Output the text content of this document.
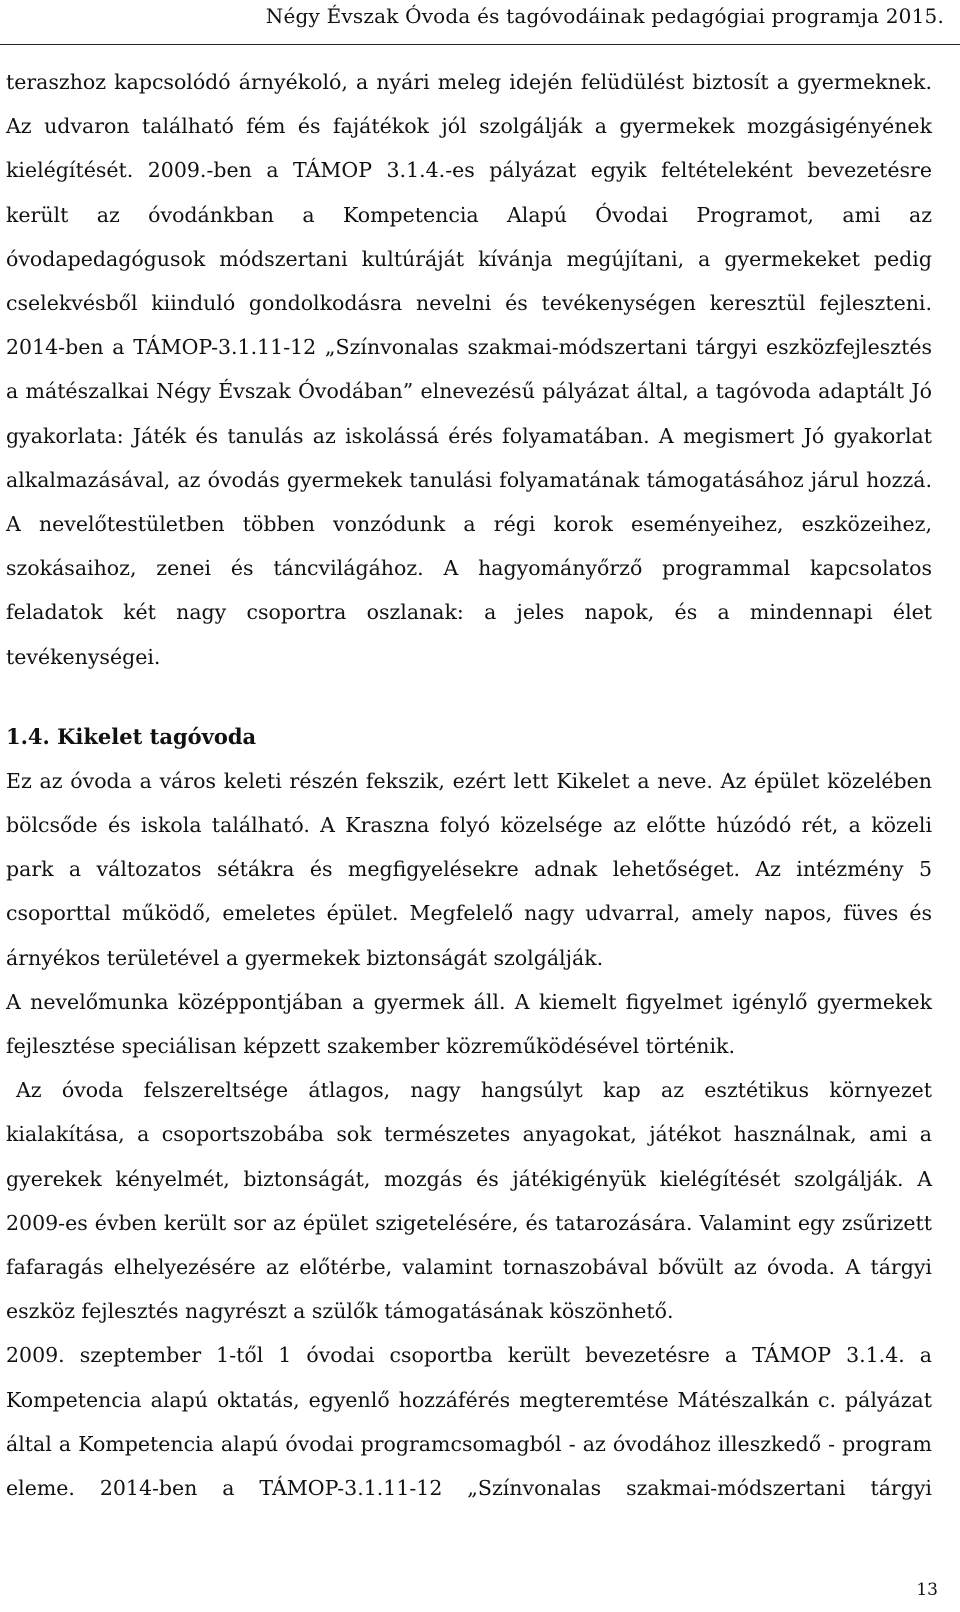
Négy Évszak Óvoda és tagóvodáinak pedagógiai programja 2015.

teraszhoz kapcsolódó árnyékoló, a nyári meleg idején felüdülést biztosít a gyermeknek. Az udvaron található fém és fajátékok jól szolgálják a gyermekek mozgásigényének kielégítését. 2009.-ben a TÁMOP 3.1.4.-es pályázat egyik feltételeként bevezetésre került az óvodánkban a Kompetencia Alapú Óvodai Programot, ami az óvodapedagógusok módszertani kultúráját kívánja megújítani, a gyermekeket pedig cselekvésből kiinduló gondolkodásra nevelni és tevékenységen keresztül fejleszteni. 2014-ben a TÁMOP-3.1.11-12 „Színvonalas szakmai-módszertani tárgyi eszközfejlesztés a mátészalkai Négy Évszak Óvodában” elnevezésű pályázat által, a tagóvoda adaptált Jó gyakorlata: Játék és tanulás az iskolássá érés folyamatában. A megismert Jó gyakorlat alkalmazásával, az óvodás gyermekek tanulási folyamatának támogatásához járul hozzá. A nevelőtestületben többen vonzódunk a régi korok eseményeihez, eszközeihez, szokásaihoz, zenei és táncvilágához. A hagyományőrző programmal kapcsolatos feladatok két nagy csoportra oszlanak: a jeles napok, és a mindennapi élet tevékenységei.

1.4. Kikelet tagóvoda

Ez az óvoda a város keleti részén fekszik, ezért lett Kikelet a neve. Az épület közelében bölcsőde és iskola található. A Kraszna folyó közelsége az előtte húzódó rét, a közeli park a változatos sétákra és megfigyelésekre adnak lehetőséget. Az intézmény 5 csoporttal működő, emeletes épület. Megfelelő nagy udvarral, amely napos, füves és árnyékos területével a gyermekek biztonságát szolgálják.

A nevelőmunka középpontjában a gyermek áll. A kiemelt figyelmet igénylő gyermekek fejlesztése speciálisan képzett szakember közreműködésével történik.

Az óvoda felszereltsége átlagos, nagy hangsúlyt kap az esztétikus környezet kialakítása, a csoportszobába sok természetes anyagokat, játékot használnak, ami a gyerekek kényelmét, biztonságát, mozgás és játékigényük kielégítését szolgálják. A 2009-es évben került sor az épület szigetelésére, és tatarozására. Valamint egy zsűrizett fafaragás elhelyezésére az előtérbe, valamint tornaszobával bővült az óvoda. A tárgyi eszköz fejlesztés nagyrészt a szülők támogatásának köszönhető.

2009. szeptember 1-től 1 óvodai csoportba került bevezetésre a TÁMOP 3.1.4. a Kompetencia alapú oktatás, egyenlő hozzáférés megteremtése Mátészalkán c. pályázat által a Kompetencia alapú óvodai programcsomagból - az óvodához illeszkedő - program eleme. 2014-ben a TÁMOP-3.1.11-12 „Színvonalas szakmai-módszertani tárgyi

13
